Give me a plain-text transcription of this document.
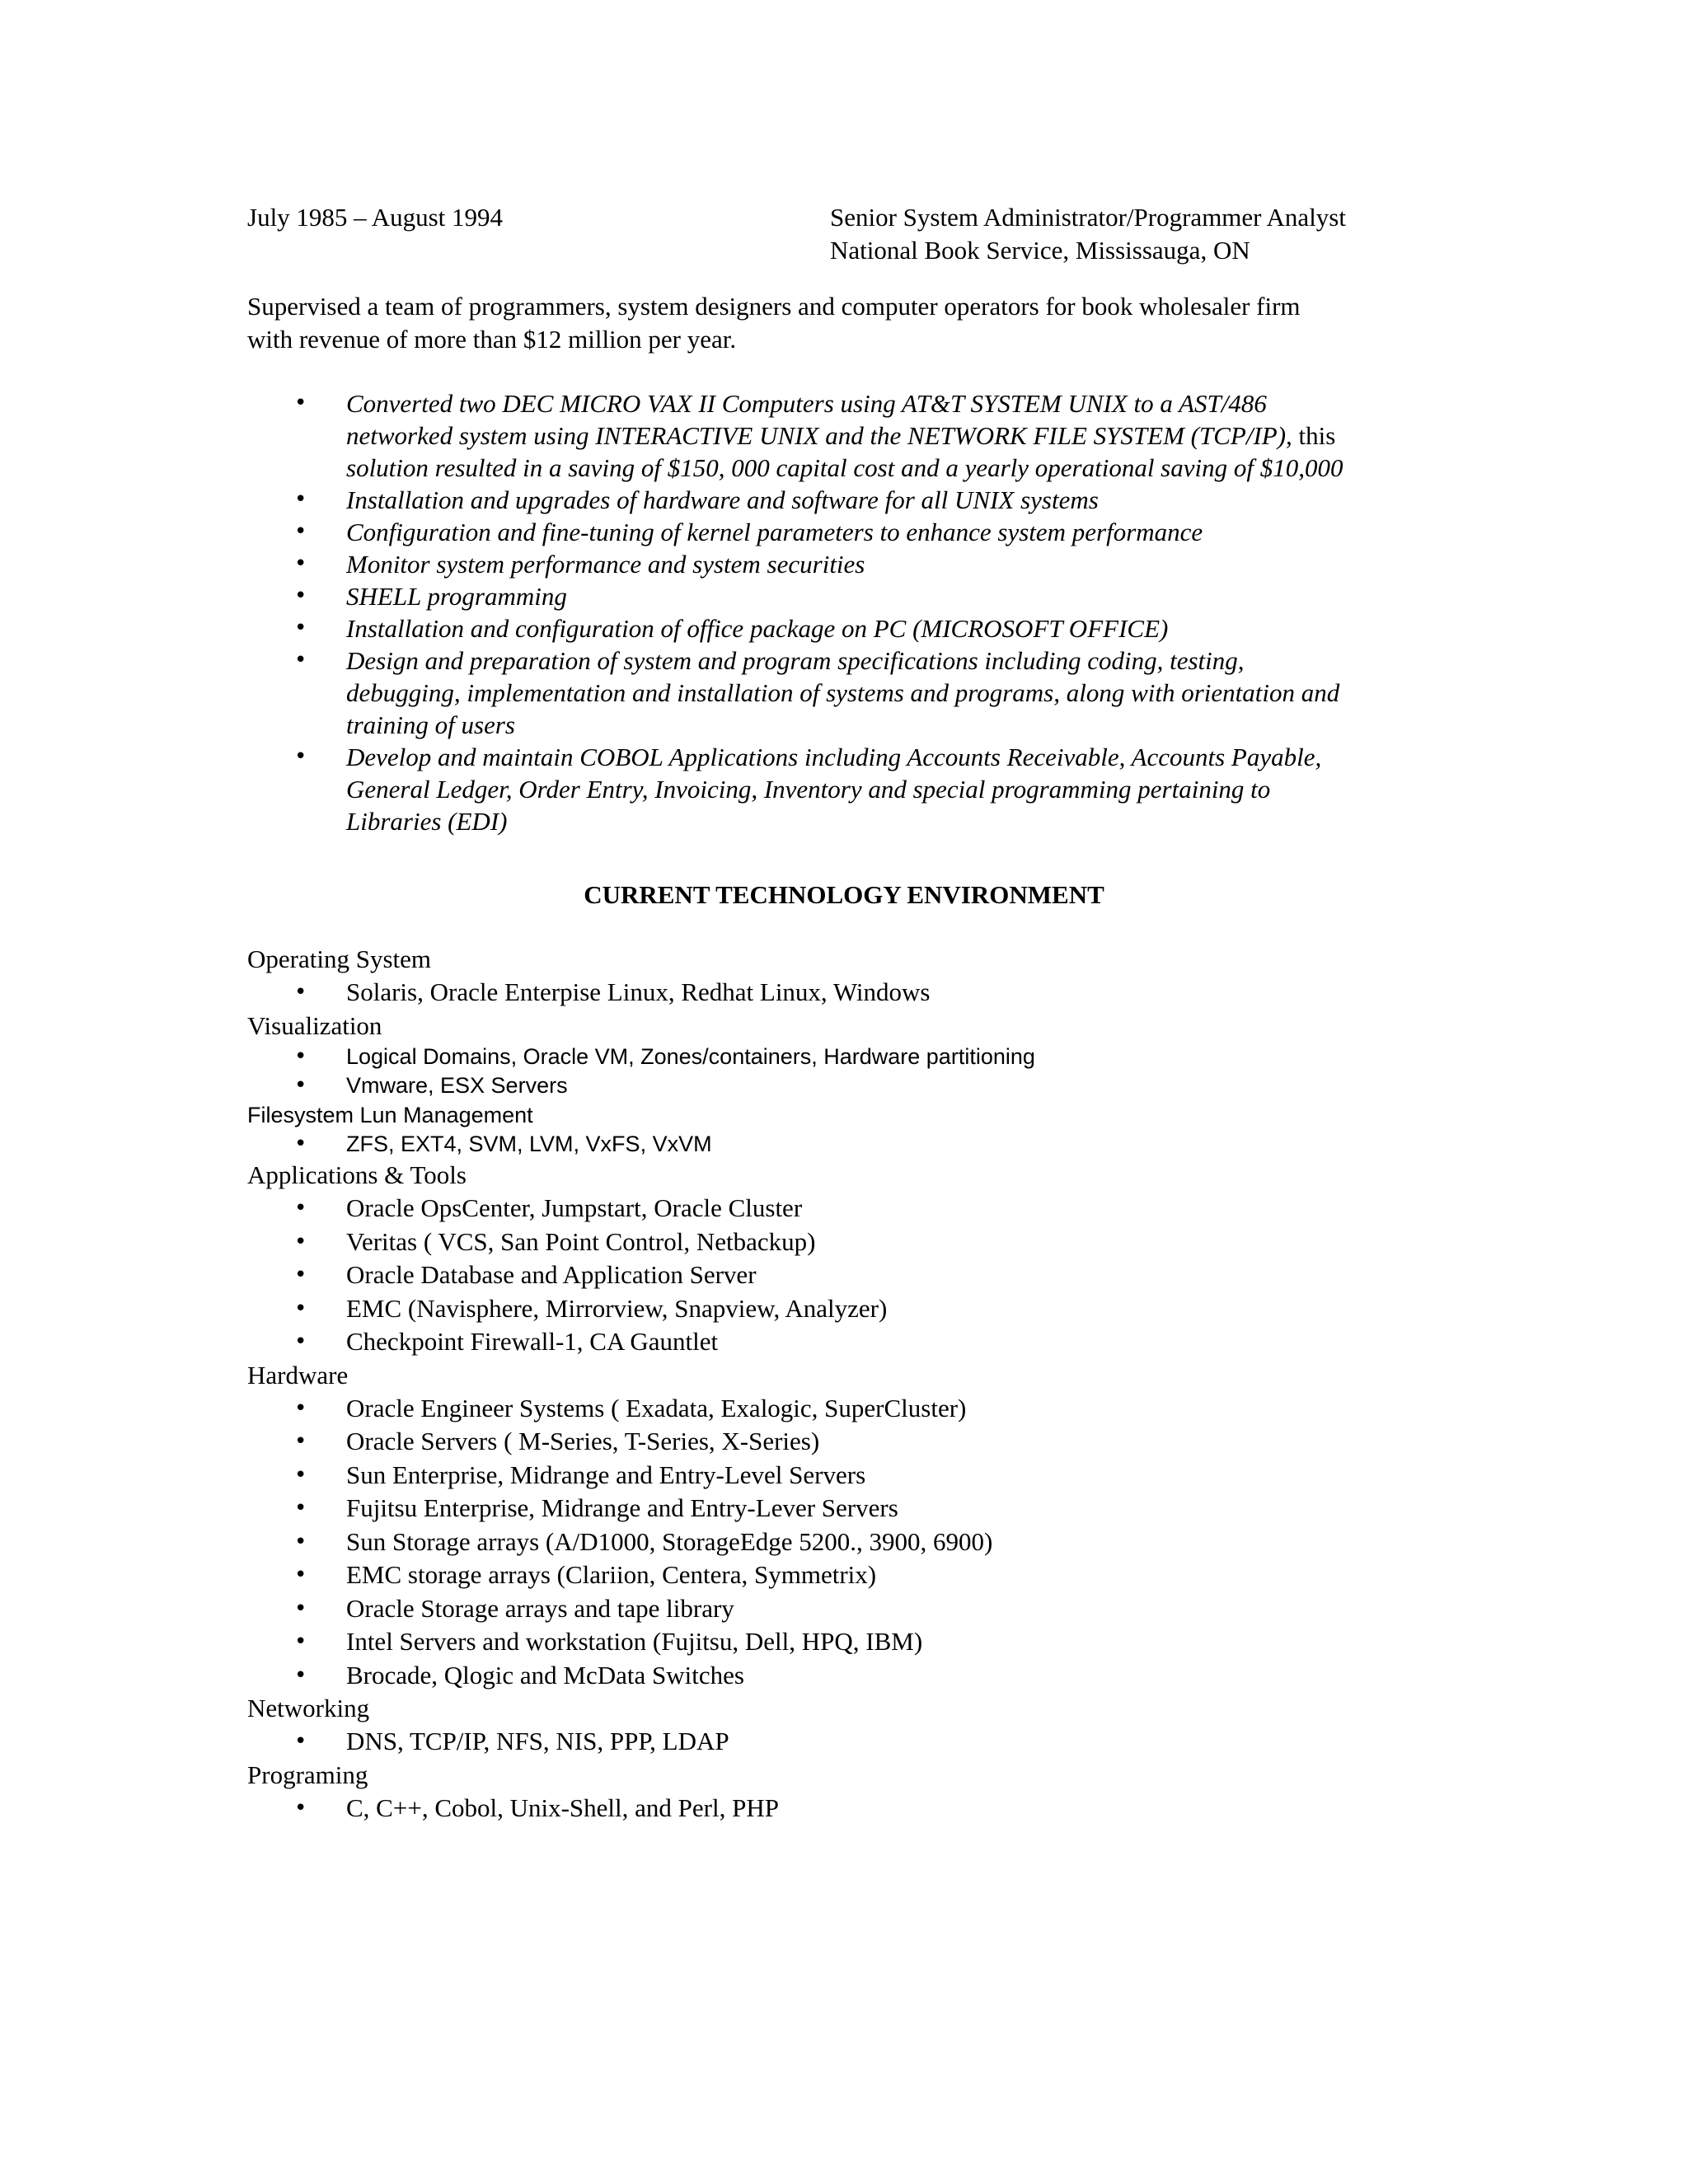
July 1985 – August 1994	Senior System Administrator/Programmer Analyst
National Book Service, Mississauga, ON
Supervised a team of programmers, system designers and computer operators for book wholesaler firm
with revenue of more than $12 million per year.
• Converted two DEC MICRO VAX II Computers using AT&T SYSTEM UNIX to a AST/486
networked system using INTERACTIVE UNIX and the NETWORK FILE SYSTEM (TCP/IP), this
solution resulted in a saving of $150, 000 capital cost and a yearly operational saving of $10,000
• Installation and upgrades of hardware and software for all UNIX systems
• Configuration and fine-tuning of kernel parameters to enhance system performance
• Monitor system performance and system securities
• SHELL programming
• Installation and configuration of office package on PC (MICROSOFT OFFICE)
• Design and preparation of system and program specifications including coding, testing,
debugging, implementation and installation of systems and programs, along with orientation and
training of users
• Develop and maintain COBOL Applications including Accounts Receivable, Accounts Payable,
General Ledger, Order Entry, Invoicing, Inventory and special programming pertaining to
Libraries (EDI)
CURRENT TECHNOLOGY ENVIRONMENT
Operating System
• Solaris, Oracle Enterpise Linux, Redhat Linux, Windows
Visualization
• Logical Domains, Oracle VM, Zones/containers, Hardware partitioning
• Vmware, ESX Servers
Filesystem Lun Management
• ZFS, EXT4, SVM, LVM, VxFS, VxVM
Applications & Tools
• Oracle OpsCenter, Jumpstart, Oracle Cluster
• Veritas ( VCS, San Point Control, Netbackup)
• Oracle Database and Application Server
• EMC (Navisphere, Mirrorview, Snapview, Analyzer)
• Checkpoint Firewall-1, CA Gauntlet
Hardware
• Oracle Engineer Systems ( Exadata, Exalogic, SuperCluster)
• Oracle Servers ( M-Series, T-Series, X-Series)
• Sun Enterprise, Midrange and Entry-Level Servers
• Fujitsu Enterprise, Midrange and Entry-Lever Servers
• Sun Storage arrays (A/D1000, StorageEdge 5200., 3900, 6900)
• EMC storage arrays (Clariion, Centera, Symmetrix)
• Oracle Storage arrays and tape library
• Intel Servers and workstation (Fujitsu, Dell, HPQ, IBM)
• Brocade, Qlogic and McData Switches
Networking
• DNS, TCP/IP, NFS, NIS, PPP, LDAP
Programing
• C, C++, Cobol, Unix-Shell, and Perl, PHP
